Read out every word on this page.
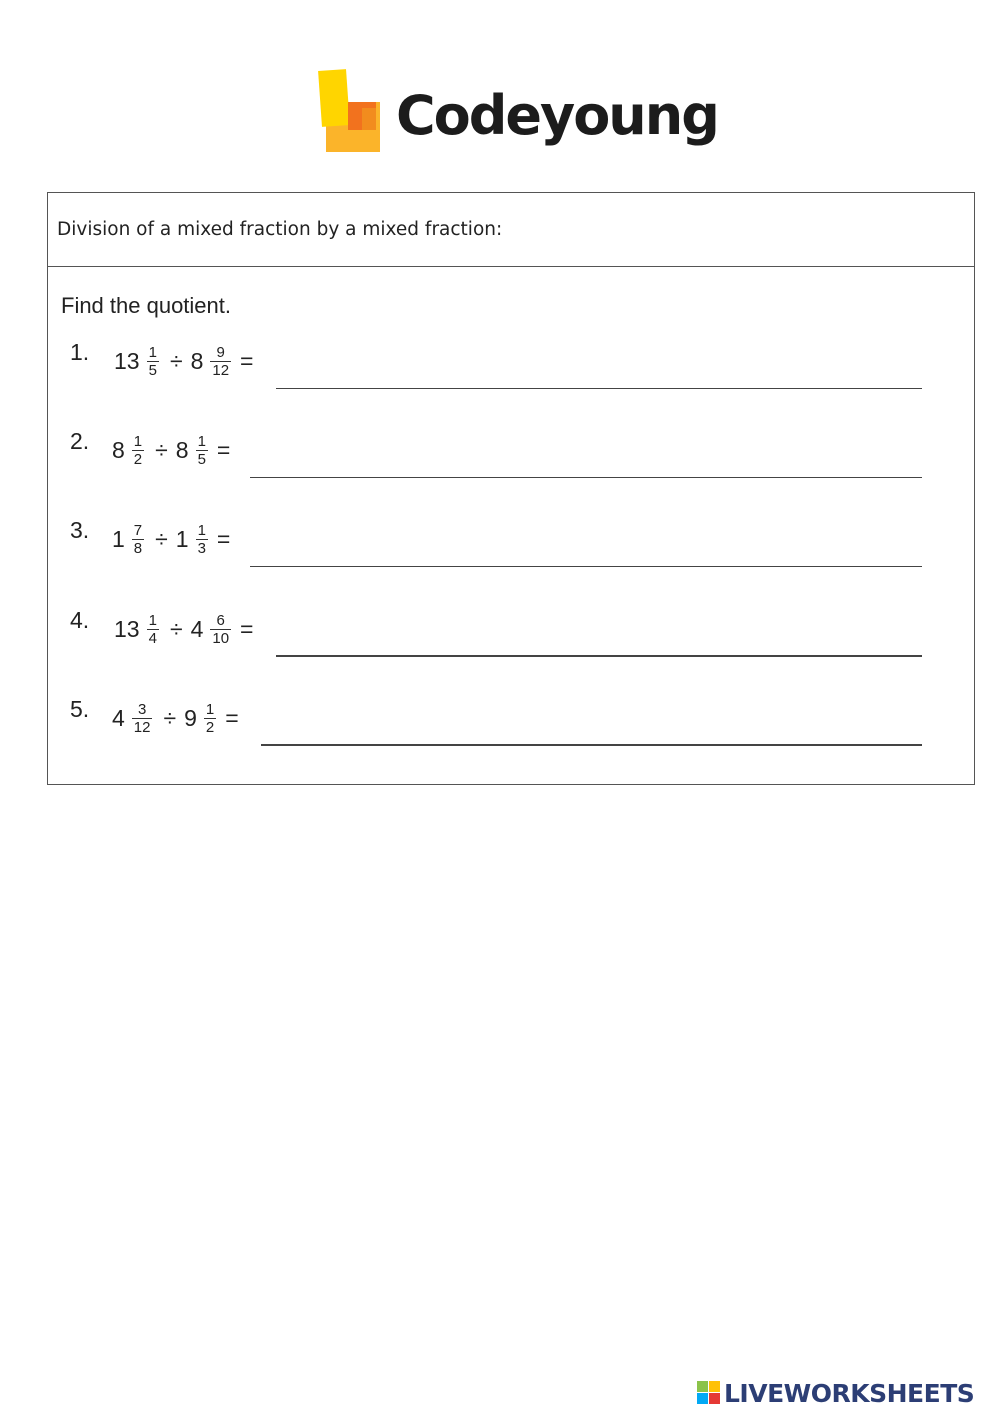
Codeyoung
Division of a mixed fraction by a mixed fraction:
Find the quotient.
1. $13 \frac{1}{5} \div 8 \frac{9}{12}$ =
2. $8 \frac{1}{2} \div 8 \frac{1}{5}$ =
3. $1 \frac{7}{8} \div 1 \frac{1}{3}$ =
4. $13 \frac{1}{4} \div 4 \frac{6}{10}$ =
5. $4 \frac{3}{12} \div 9 \frac{1}{2}$ =
LIVEWORKSHEETS
